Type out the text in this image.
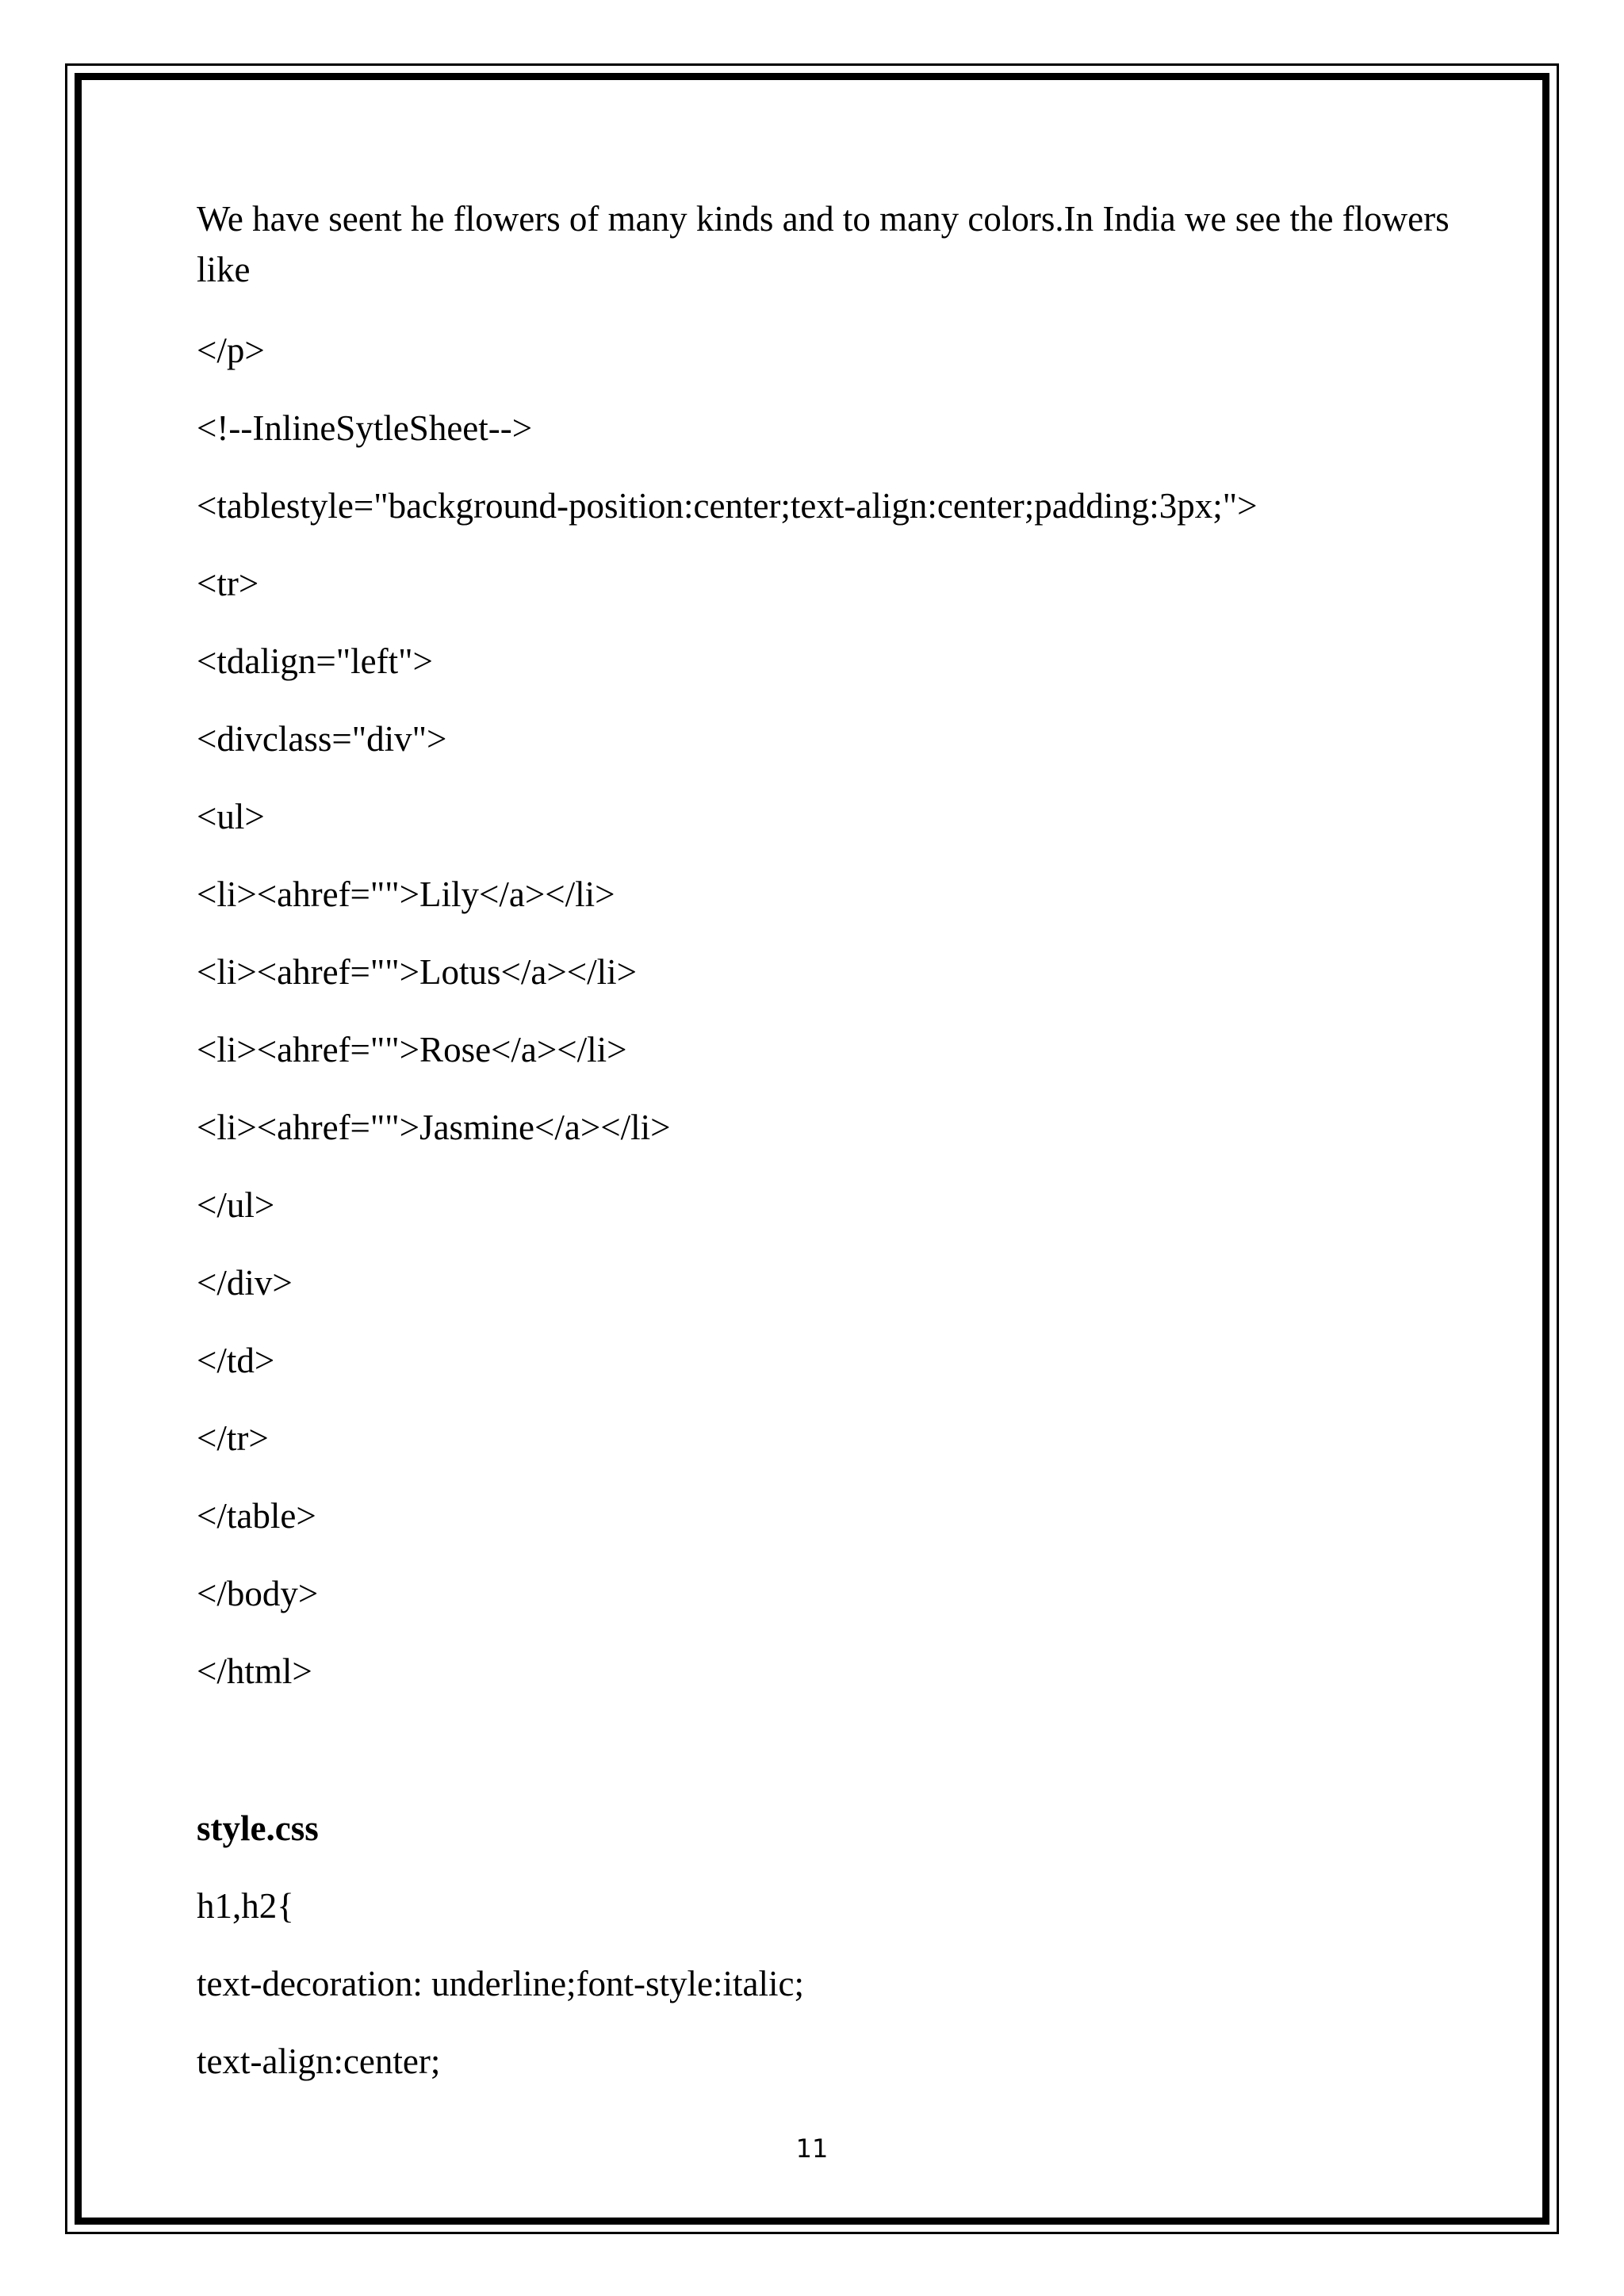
We have seent he flowers of many kinds and to many colors.In India we see the flowers like
</p>
<!--InlineSytleSheet-->
<tablestyle="background-position:center;text-align:center;padding:3px;">
<tr>
<tdalign="left">
<divclass="div">
<ul>
<li><ahref="">Lily</a></li>
<li><ahref="">Lotus</a></li>
<li><ahref="">Rose</a></li>
<li><ahref="">Jasmine</a></li>
</ul>
</div>
</td>
</tr>
</table>
</body>
</html>
style.css
h1,h2{
text-decoration: underline;font-style:italic;
text-align:center;
11
